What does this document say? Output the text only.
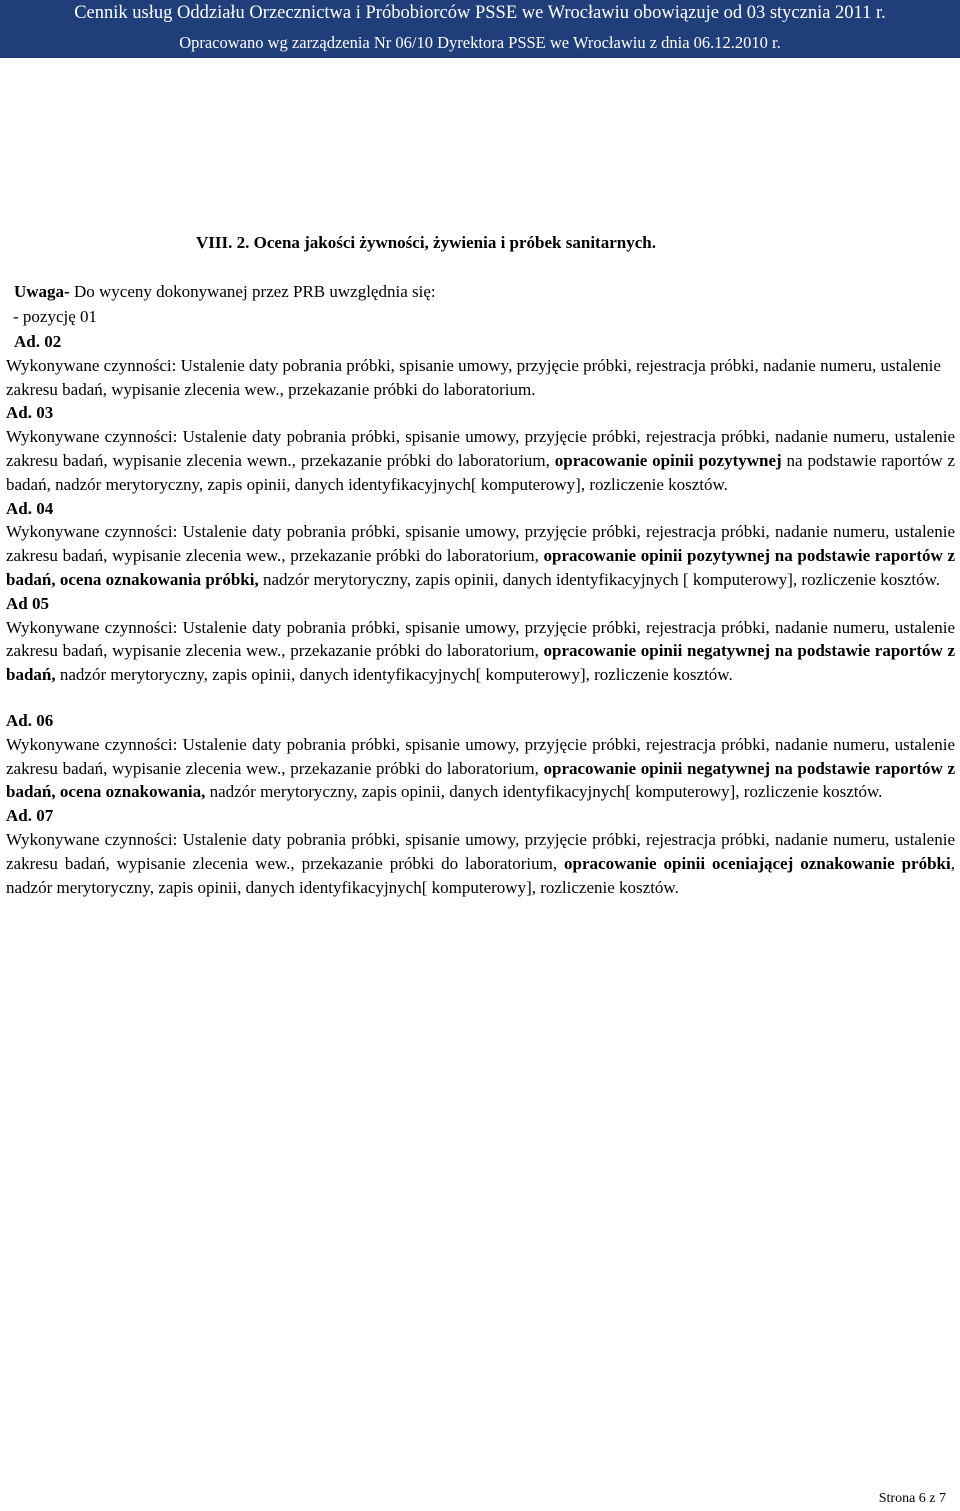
Cennik usług Oddziału Orzecznictwa i Próbobiorców PSSE we Wrocławiu obowiązuje od 03 stycznia 2011 r.
Opracowano wg zarządzenia Nr 06/10 Dyrektora PSSE we Wrocławiu z dnia 06.12.2010 r.
VIII. 2. Ocena jakości żywności, żywienia i próbek sanitarnych.
Uwaga- Do wyceny dokonywanej przez PRB uwzględnia się:
- pozycję 01
Ad. 02
Wykonywane czynności: Ustalenie daty pobrania próbki, spisanie umowy, przyjęcie próbki, rejestracja próbki, nadanie numeru, ustalenie zakresu badań, wypisanie zlecenia wew., przekazanie próbki do laboratorium.
Ad. 03
Wykonywane czynności: Ustalenie daty pobrania próbki, spisanie umowy, przyjęcie próbki, rejestracja próbki, nadanie numeru, ustalenie zakresu badań, wypisanie zlecenia wewn., przekazanie próbki do laboratorium, opracowanie opinii pozytywnej na podstawie raportów z badań, nadzór merytoryczny, zapis opinii, danych identyfikacyjnych[ komputerowy], rozliczenie kosztów.
Ad. 04
Wykonywane czynności: Ustalenie daty pobrania próbki, spisanie umowy, przyjęcie próbki, rejestracja próbki, nadanie numeru, ustalenie zakresu badań, wypisanie zlecenia wew., przekazanie próbki do laboratorium, opracowanie opinii pozytywnej na podstawie raportów z badań, ocena oznakowania próbki, nadzór merytoryczny, zapis opinii, danych identyfikacyjnych [ komputerowy], rozliczenie kosztów.
Ad 05
Wykonywane czynności: Ustalenie daty pobrania próbki, spisanie umowy, przyjęcie próbki, rejestracja próbki, nadanie numeru, ustalenie zakresu badań, wypisanie zlecenia wew., przekazanie próbki do laboratorium, opracowanie opinii negatywnej na podstawie raportów z badań, nadzór merytoryczny, zapis opinii, danych identyfikacyjnych[ komputerowy], rozliczenie kosztów.
Ad. 06
Wykonywane czynności: Ustalenie daty pobrania próbki, spisanie umowy, przyjęcie próbki, rejestracja próbki, nadanie numeru, ustalenie zakresu badań, wypisanie zlecenia wew., przekazanie próbki do laboratorium, opracowanie opinii negatywnej na podstawie raportów z badań, ocena oznakowania, nadzór merytoryczny, zapis opinii, danych identyfikacyjnych[ komputerowy], rozliczenie kosztów.
Ad. 07
Wykonywane czynności: Ustalenie daty pobrania próbki, spisanie umowy, przyjęcie próbki, rejestracja próbki, nadanie numeru, ustalenie zakresu badań, wypisanie zlecenia wew., przekazanie próbki do laboratorium, opracowanie opinii oceniającej oznakowanie próbki, nadzór merytoryczny, zapis opinii, danych identyfikacyjnych[ komputerowy], rozliczenie kosztów.
Strona 6 z 7
